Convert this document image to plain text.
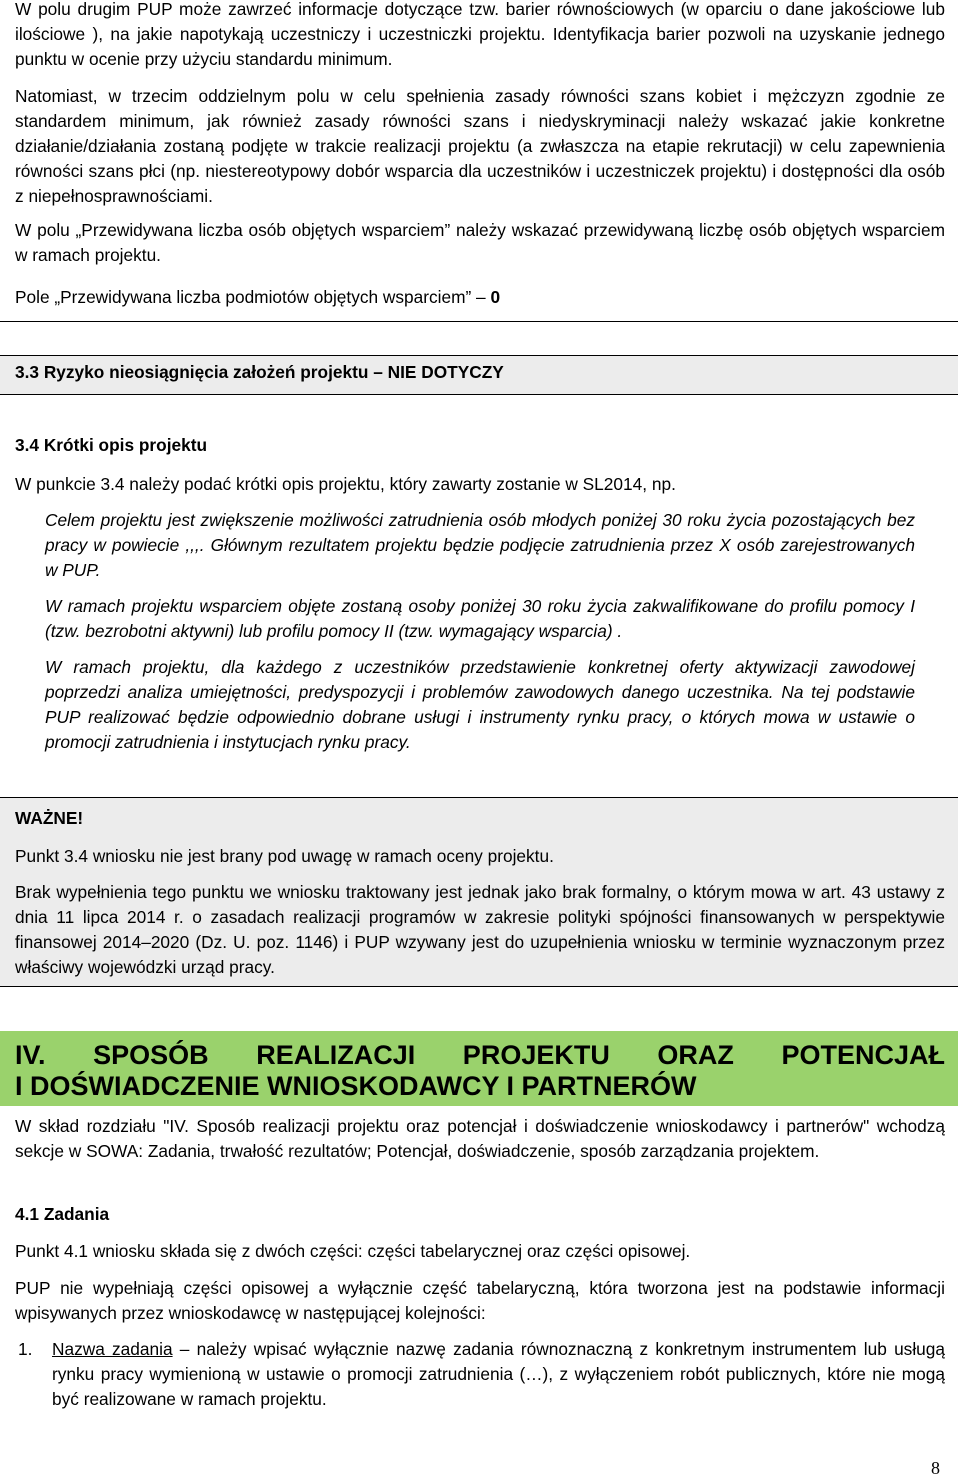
W polu drugim PUP może zawrzeć informacje dotyczące tzw. barier równościowych (w oparciu o dane jakościowe lub ilościowe ), na jakie napotykają uczestniczy i uczestniczki projektu. Identyfikacja barier pozwoli na uzyskanie jednego punktu w ocenie przy użyciu standardu minimum.

Natomiast, w trzecim oddzielnym polu w celu spełnienia zasady równości szans kobiet i mężczyzn zgodnie ze standardem minimum, jak również zasady równości szans i niedyskryminacji należy wskazać jakie konkretne działanie/działania zostaną podjęte w trakcie realizacji projektu (a zwłaszcza na etapie rekrutacji) w celu zapewnienia równości szans płci (np. niestereotypowy dobór wsparcia dla uczestników i uczestniczek projektu) i dostępności dla osób z niepełnosprawnościami.

W polu „Przewidywana liczba osób objętych wsparciem” należy wskazać przewidywaną liczbę osób objętych wsparciem w ramach projektu.

Pole „Przewidywana liczba podmiotów objętych wsparciem” – 0

3.3 Ryzyko nieosiągnięcia założeń projektu – NIE DOTYCZY

3.4 Krótki opis projektu

W punkcie 3.4 należy podać krótki opis projektu, który zawarty zostanie w SL2014, np.

Celem projektu jest zwiększenie możliwości zatrudnienia osób młodych poniżej 30 roku życia pozostających bez pracy w powiecie ,,,. Głównym rezultatem projektu będzie podjęcie zatrudnienia przez X osób zarejestrowanych w PUP.

W ramach projektu wsparciem objęte zostaną osoby poniżej 30 roku życia zakwalifikowane do profilu pomocy I (tzw. bezrobotni aktywni) lub profilu pomocy II (tzw. wymagający wsparcia) .

W ramach projektu, dla każdego z uczestników przedstawienie konkretnej oferty aktywizacji zawodowej poprzedzi analiza umiejętności, predyspozycji i problemów zawodowych danego uczestnika. Na tej podstawie PUP realizować będzie odpowiednio dobrane usługi i instrumenty rynku pracy, o których mowa w ustawie o promocji zatrudnienia i instytucjach rynku pracy.

WAŻNE!
Punkt 3.4 wniosku nie jest brany pod uwagę w ramach oceny projektu.
Brak wypełnienia tego punktu we wniosku traktowany jest jednak jako brak formalny, o którym mowa w art. 43 ustawy z dnia 11 lipca 2014 r. o zasadach realizacji programów w zakresie polityki spójności finansowanych w perspektywie finansowej 2014–2020 (Dz. U. poz. 1146) i PUP wzywany jest do uzupełnienia wniosku w terminie wyznaczonym przez właściwy wojewódzki urząd pracy.
IV. SPOSÓB REALIZACJI PROJEKTU ORAZ POTENCJAŁ
I DOŚWIADCZENIE WNIOSKODAWCY I PARTNERÓW

W skład rozdziału "IV. Sposób realizacji projektu oraz potencjał i doświadczenie wnioskodawcy i partnerów" wchodzą sekcje w SOWA: Zadania, trwałość rezultatów; Potencjał, doświadczenie, sposób zarządzania projektem.

4.1 Zadania

Punkt 4.1 wniosku składa się z dwóch części: części tabelarycznej oraz części opisowej.

PUP nie wypełniają części opisowej a wyłącznie część tabelaryczną, która tworzona jest na podstawie informacji wpisywanych przez wnioskodawcę w następującej kolejności:

1. Nazwa zadania – należy wpisać wyłącznie nazwę zadania równoznaczną z konkretnym instrumentem lub usługą rynku pracy wymienioną w ustawie o promocji zatrudnienia (…), z wyłączeniem robót publicznych, które nie mogą być realizowane w ramach projektu.

8
